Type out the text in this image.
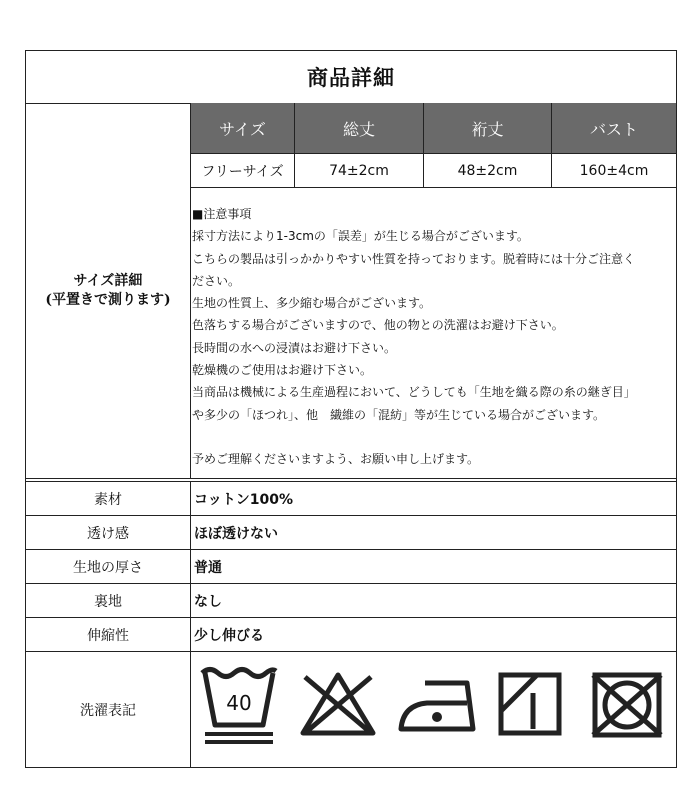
商品詳細
サイズ詳細
(平置きで測ります)
サイズ	総丈	裄丈	バスト
フリーサイズ	74±2cm	48±2cm	160±4cm
■注意事項
採寸方法により1-3cmの「誤差」が生じる場合がございます。
こちらの製品は引っかかりやすい性質を持っております。脱着時には十分ご注意く
ださい。
生地の性質上、多少縮む場合がございます。
色落ちする場合がございますので、他の物との洗濯はお避け下さい。
長時間の水への浸漬はお避け下さい。
乾燥機のご使用はお避け下さい。
当商品は機械による生産過程において、どうしても「生地を織る際の糸の継ぎ目」
や多少の「ほつれ」、他　繊維の「混紡」等が生じている場合がございます。
予めご理解くださいますよう、お願い申し上げます。
素材	コットン100%
透け感	ほぼ透けない
生地の厚さ	普通
裏地	なし
伸縮性	少し伸びる
洗濯表記	40
